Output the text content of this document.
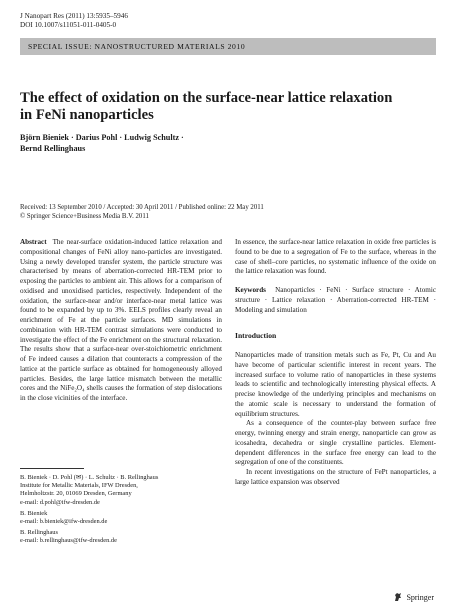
J Nanopart Res (2011) 13:5935–5946
DOI 10.1007/s11051-011-0405-0
SPECIAL ISSUE: NANOSTRUCTURED MATERIALS 2010
The effect of oxidation on the surface-near lattice relaxation
in FeNi nanoparticles
Björn Bieniek · Darius Pohl · Ludwig Schultz ·
Bernd Rellinghaus
Received: 13 September 2010 / Accepted: 30 April 2011 / Published online: 22 May 2011
© Springer Science+Business Media B.V. 2011

Abstract The near-surface oxidation-induced lattice relaxation and compositional changes of FeNi alloy nano-particles are investigated. Using a newly developed transfer system, the particle structure was characterised by means of aberration-corrected HR-TEM prior to exposing the particles to ambient air. This allows for a comparison of oxidised and unoxidised particles, respectively. Independent of the oxidation, the surface-near and/or interface-near metal lattice was found to be expanded by up to 3%. EELS profiles clearly reveal an enrichment of Fe at the particle surfaces. MD simulations in combination with HR-TEM contrast simulations were conducted to investigate the effect of the Fe enrichment on the structural relaxation. The results show that a surface-near over-stoichiometric enrichment of Fe indeed causes a dilation that counteracts a compression of the lattice at the particle surface as obtained for homogeneously alloyed particles. Besides, the large lattice mismatch between the metallic cores and the NiFe₂O₄ shells causes the formation of step dislocations in the close vicinities of the interface.

In essence, the surface-near lattice relaxation in oxide free particles is found to be due to a segregation of Fe to the surface, whereas in the case of shell–core particles, no systematic influence of the oxide on the lattice relaxation was found.

Keywords Nanoparticles · FeNi · Surface structure · Atomic structure · Lattice relaxation · Aberration-corrected HR-TEM · Modeling and simulation

Introduction

Nanoparticles made of transition metals such as Fe, Pt, Cu and Au have become of particular scientific interest in recent years. The increased surface to volume ratio of nanoparticles in these systems leads to scientific and technologically interesting physical effects. A precise knowledge of the underlying principles and mechanisms on the atomic scale is necessary to understand the formation of equilibrium structures.

As a consequence of the counter-play between surface free energy, twinning energy and strain energy, nanoparticle can grow as icosahedra, decahedra or single crystalline particles. Element-dependent differences in the surface free energy can lead to the segregation of one of the constituents.

In recent investigations on the structure of FePt nanoparticles, a large lattice expansion was observed

B. Bieniek · D. Pohl (✉) · L. Schultz · B. Rellinghaus
Institute for Metallic Materials, IFW Dresden,
Helmholtzstr. 20, 01069 Dresden, Germany
e-mail: d.pohl@ifw-dresden.de
B. Bieniek
e-mail: b.bieniek@ifw-dresden.de
B. Rellinghaus
e-mail: b.rellinghaus@ifw-dresden.de
Springer
